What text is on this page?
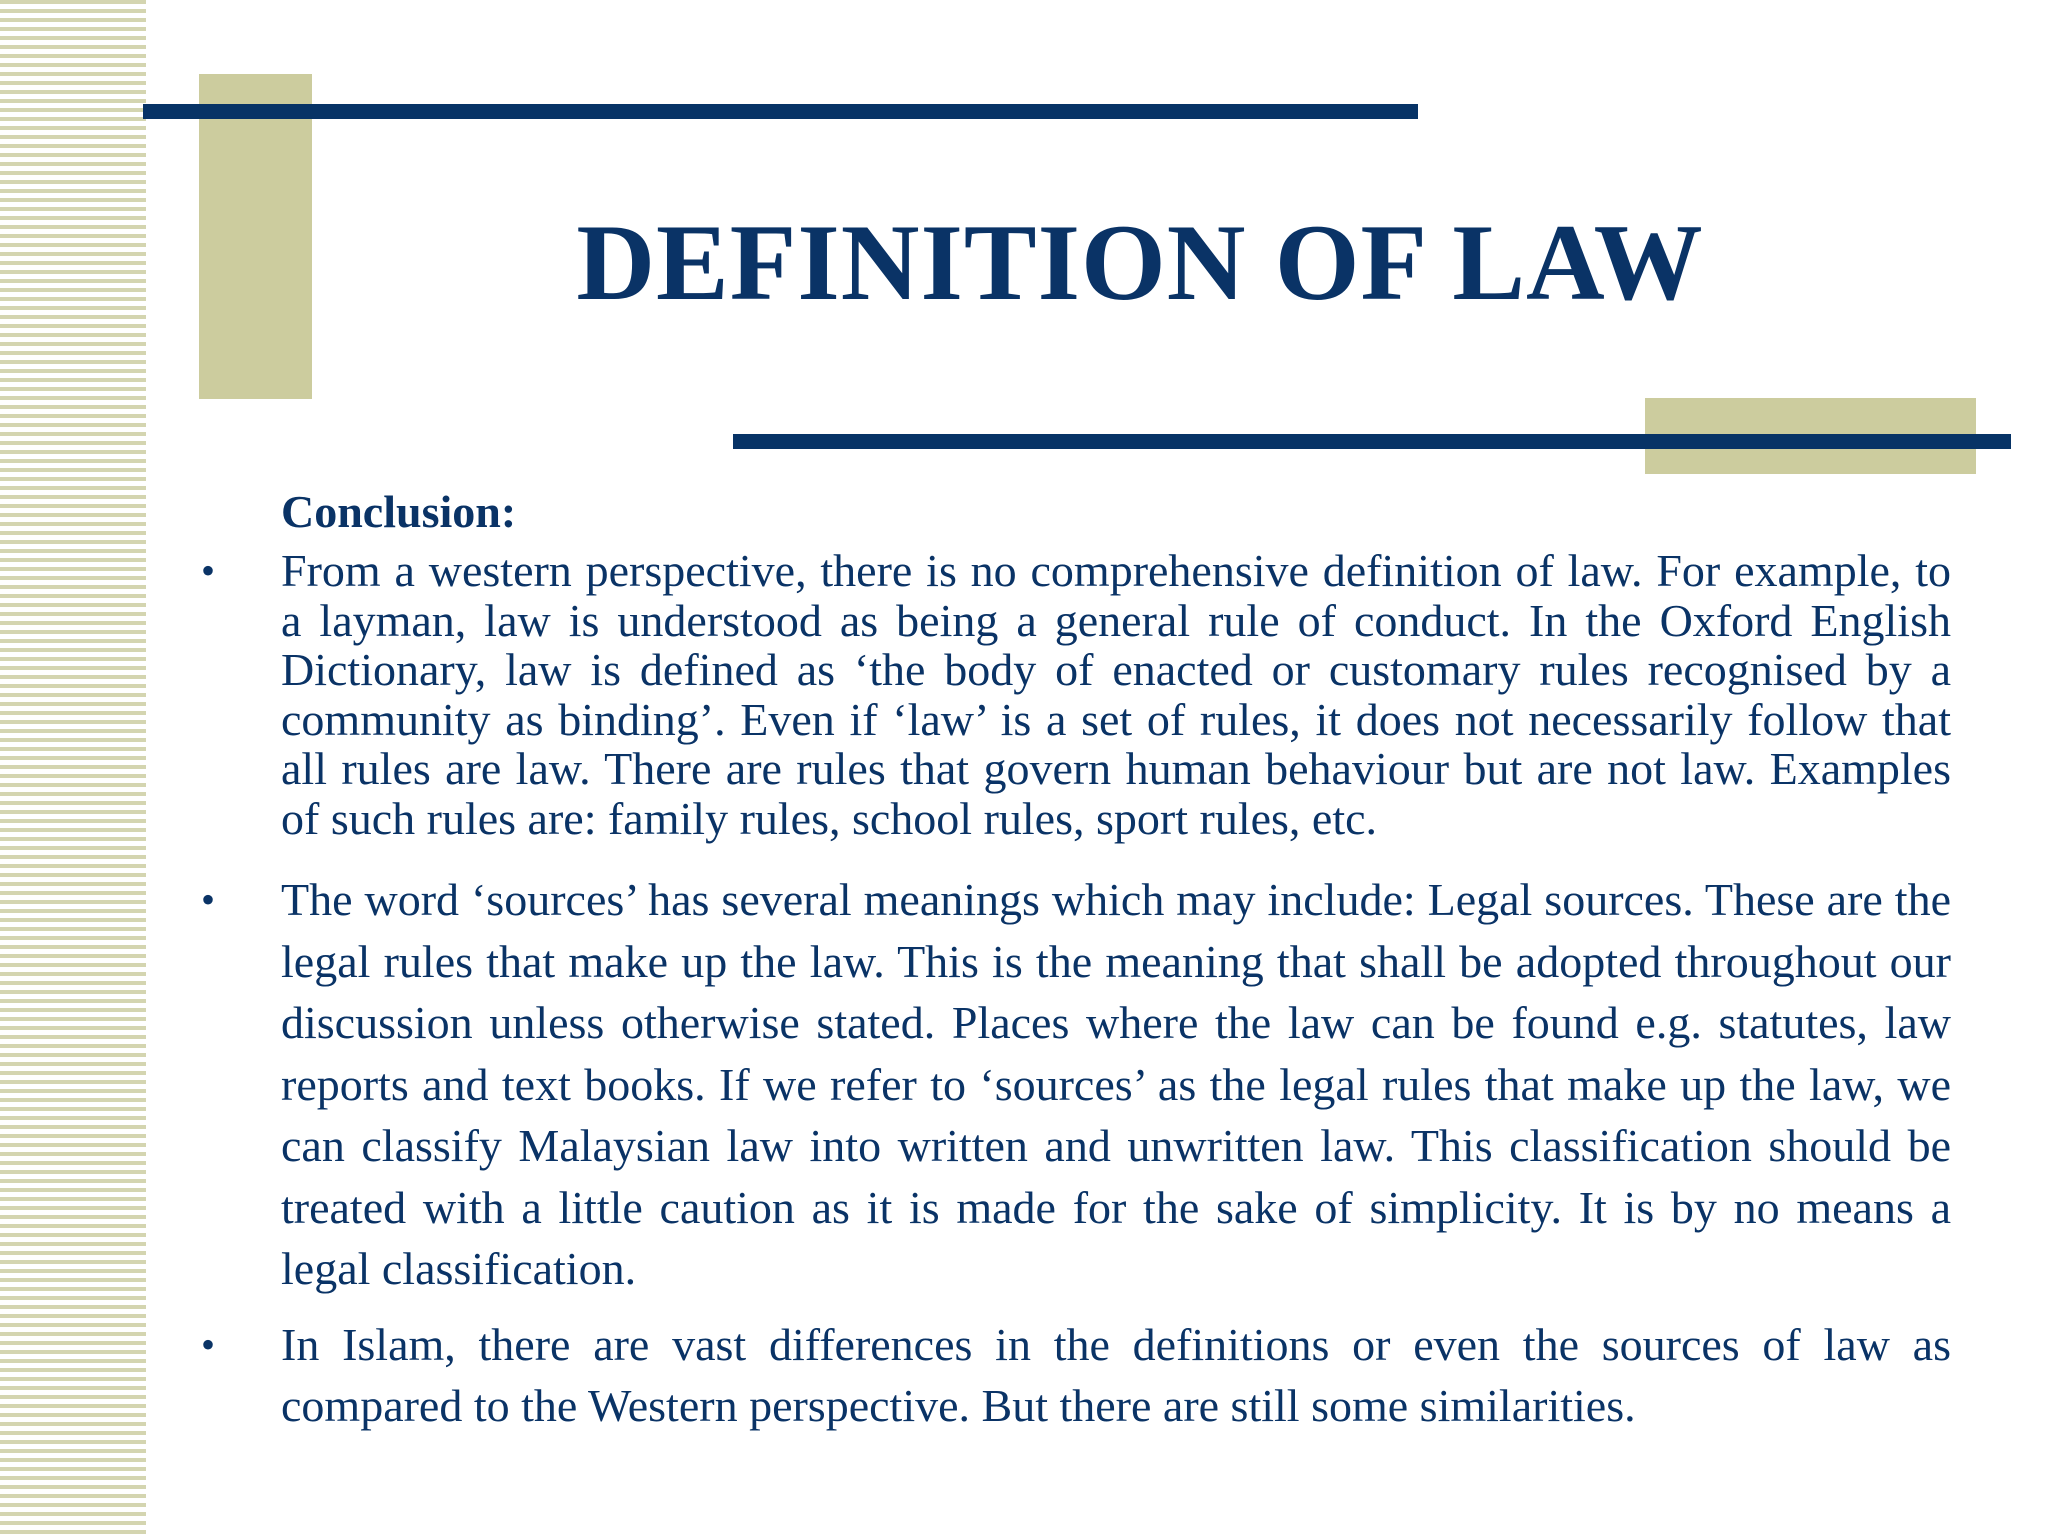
DEFINITION OF LAW
Conclusion:
• From a western perspective, there is no comprehensive definition of law. For example, to a layman, law is understood as being a general rule of conduct. In the Oxford English Dictionary, law is defined as ‘the body of enacted or customary rules recognised by a community as binding’. Even if ‘law’ is a set of rules, it does not necessarily follow that all rules are law. There are rules that govern human behaviour but are not law. Examples of such rules are: family rules, school rules, sport rules, etc.
• The word ‘sources’ has several meanings which may include: Legal sources. These are the legal rules that make up the law. This is the meaning that shall be adopted throughout our discussion unless otherwise stated. Places where the law can be found e.g. statutes, law reports and text books. If we refer to ‘sources’ as the legal rules that make up the law, we can classify Malaysian law into written and unwritten law. This classification should be treated with a little caution as it is made for the sake of simplicity. It is by no means a legal classification.
• In Islam, there are vast differences in the definitions or even the sources of law as compared to the Western perspective. But there are still some similarities.
